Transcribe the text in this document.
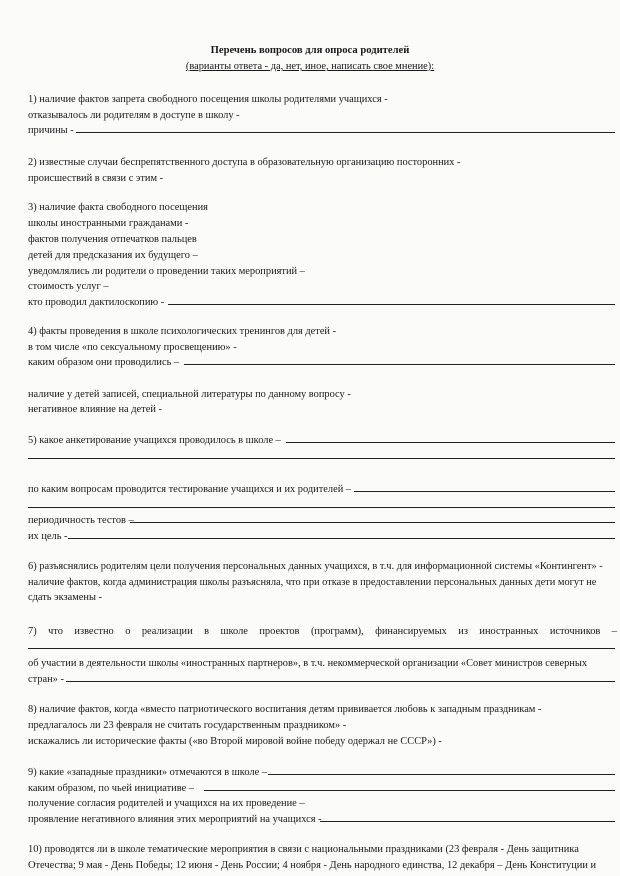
Перечень вопросов для опроса родителей
(варианты ответа - да, нет, иное, написать свое мнение):
1) наличие фактов запрета свободного посещения школы родителями учащихся -
отказывалось ли родителям в доступе в школу -
причины -
2) известные случаи беспрепятственного доступа в образовательную организацию посторонних -
происшествий в связи с этим -
3) наличие факта свободного посещения
школы иностранными гражданами -
фактов получения отпечатков пальцев
детей для предсказания их будущего –
уведомлялись ли родители о проведении таких мероприятий –
стоимость услуг –
кто проводил дактилоскопию -
4) факты проведения в школе психологических тренингов для детей -
в том числе «по сексуальному просвещению» -
каким образом они проводились –
наличие у детей записей, специальной литературы по данному вопросу -
негативное влияние на детей -
5) какое анкетирование учащихся проводилось в школе –
по каким вопросам проводится тестирование учащихся и их родителей –
периодичность тестов –
их цель -
6) разъяснялись родителям цели получения персональных данных учащихся, в т.ч. для информационной системы «Контингент» -
наличие фактов, когда администрация школы разъясняла, что при отказе в предоставлении персональных данных дети могут не
сдать экзамены -
7) что известно о реализации в школе проектов (программ), финансируемых из иностранных источников –
об участии в деятельности школы «иностранных партнеров», в т.ч. некоммерческой организации «Совет министров северных
стран» -
8) наличие фактов, когда «вместо патриотического воспитания детям прививается любовь к западным праздникам -
предлагалось ли 23 февраля не считать государственным праздником» -
искажались ли исторические факты («во Второй мировой войне победу одержал не СССР») -
9) какие «западные праздники» отмечаются в школе –
каким образом, по чьей инициативе –
получение согласия родителей и учащихся на их проведение –
проявление негативного влияния этих мероприятий на учащихся -
10) проводятся ли в школе тематические мероприятия в связи с национальными праздниками (23 февраля - День защитника
Отечества; 9 мая - День Победы; 12 июня - День России; 4 ноября - День народного единства, 12 декабря – День Конституции и
